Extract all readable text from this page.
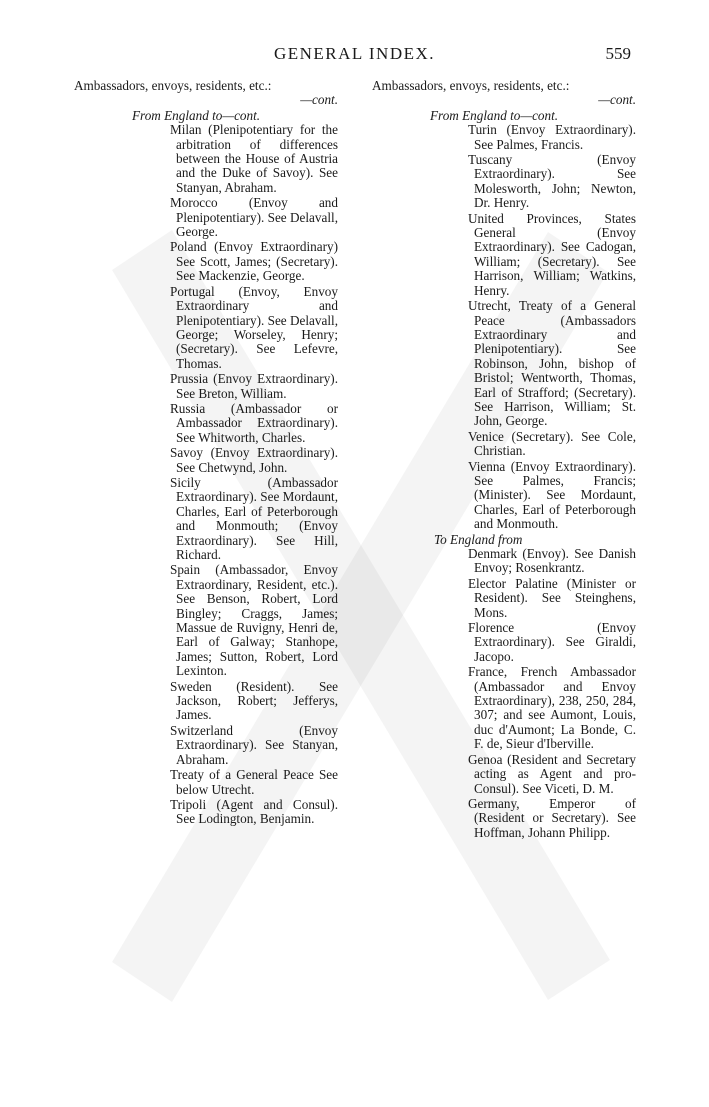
GENERAL INDEX.	559

Ambassadors, envoys, residents, etc.:

—cont.

From England to—cont.

Milan (Plenipotentiary for the arbitration of differences between the House of Austria and the Duke of Savoy). See Stanyan, Abraham.

Morocco (Envoy and Plenipotentiary). See Delavall, George.

Poland (Envoy Extraordinary) See Scott, James; (Secretary). See Mackenzie, George.

Portugal (Envoy, Envoy Extraordinary and Plenipotentiary). See Delavall, George; Worseley, Henry; (Secretary). See Lefevre, Thomas.

Prussia (Envoy Extraordinary). See Breton, William.

Russia (Ambassador or Ambassador Extraordinary). See Whitworth, Charles.

Savoy (Envoy Extraordinary). See Chetwynd, John.

Sicily (Ambassador Extraordinary). See Mordaunt, Charles, Earl of Peterborough and Monmouth; (Envoy Extraordinary). See Hill, Richard.

Spain (Ambassador, Envoy Extraordinary, Resident, etc.). See Benson, Robert, Lord Bingley; Craggs, James; Massue de Ruvigny, Henri de, Earl of Galway; Stanhope, James; Sutton, Robert, Lord Lexinton.

Sweden (Resident). See Jackson, Robert; Jefferys, James.

Switzerland (Envoy Extraordinary). See Stanyan, Abraham.

Treaty of a General Peace See below Utrecht.

Tripoli (Agent and Consul). See Lodington, Benjamin.

Ambassadors, envoys, residents, etc.:

—cont.

From England to—cont.

Turin (Envoy Extraordinary). See Palmes, Francis.

Tuscany (Envoy Extraordinary). See Molesworth, John; Newton, Dr. Henry.

United Provinces, States General (Envoy Extraordinary). See Cadogan, William; (Secretary). See Harrison, William; Watkins, Henry.

Utrecht, Treaty of a General Peace (Ambassadors Extraordinary and Plenipotentiary). See Robinson, John, bishop of Bristol; Wentworth, Thomas, Earl of Strafford; (Secretary). See Harrison, William; St. John, George.

Venice (Secretary). See Cole, Christian.

Vienna (Envoy Extraordinary). See Palmes, Francis; (Minister). See Mordaunt, Charles, Earl of Peterborough and Monmouth.

To England from

Denmark (Envoy). See Danish Envoy; Rosenkrantz.

Elector Palatine (Minister or Resident). See Steinghens, Mons.

Florence (Envoy Extraordinary). See Giraldi, Jacopo.

France, French Ambassador (Ambassador and Envoy Extraordinary), 238, 250, 284, 307; and see Aumont, Louis, duc d'Aumont; La Bonde, C. F. de, Sieur d'Iberville.

Genoa (Resident and Secretary acting as Agent and pro-Consul). See Viceti, D. M.

Germany, Emperor of (Resident or Secretary). See Hoffman, Johann Philipp.
